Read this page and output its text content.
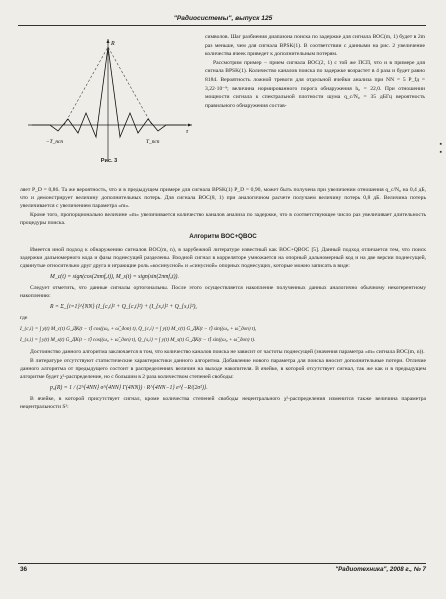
"Радиосистемы", выпуск 125
R
τ
−T_псп	T_псп
Рис. 3

символов. Шаг разбиения диапазона поиска по задержке для сигнала BOC(m, 1) будет в 2m раз меньше, чем для сигнала BPSK(1). В соответствии с данными на рис. 2 увеличение количества ячеек приведет к дополнительным потерям.

Рассмотрим пример − прием сигнала BOC(2, 1) с той же ПСП, что и в примере для сигнала BPSK(1). Количество каналов поиска по задержке возрастет в 4 раза и будет равно 8184. Вероятность ложной тревоги для отдельной ячейки анализа при NN = 5 P_fд = 3,22·10⁻⁹; величина нормированного порога обнаружения h₀ = 22,0. При отношении мощности сигнала к спектральной плотности шума q_c/N₀ = 35 дБГц вероятность правильного обнаружения состав-

ляет P_D = 0,86. Та же вероятность, что и в предыдущем примере для сигнала BPSK(1) P_D = 0,90, может быть получена при увеличении отношения q_c/N₀ на 0,4 дБ, что и демонстрирует величину дополнительных потерь. Для сигнала BOC(8, 1) при аналогичном расчете получаем величину потерь 0,8 дБ. Величина потерь увеличивается с увеличением параметра «m».

Кроме того, пропорционально величине «m» увеличивается количество каналов анализа по задержке, что в соответствующее число раз увеличивает длительность процедуры поиска.

Алгоритм BOC+QBOC

Имеется иной подход к обнаружению сигналов BOC(m, n), в зарубежной литературе известный как BOC+QBOC [5]. Данный подход отличается тем, что поиск задержки дальномерного кода и фазы поднесущей разделены. Входной сигнал в корреляторе умножается на опорный дальномерный код и на две версии поднесущей, сдвинутые относительно друг друга и играющие роль «косинусной» и «синусной» опорных поднесущих, которые можно записать в виде:

M_c(t) = sign(cos(2πmf₀t)), M_s(t) = sign(sin(2πmf₀t)).

Следует отметить, что данные сигналы ортогональны. После этого осуществляется накопление полученных данных аналогично обычному некогерентному накоплению:

R = Σ_{i=1}^{NN} (I_{c,i}² + Q_{c,i}²) + (I_{s,i}² + Q_{s,i}²),
где
I_{c,i} = ∫ y(t) M_c(t) G_ДК(t − τ̃) cos((ω₀ + ω̃_доп) t), Q_{c,i} = ∫ y(t) M_c(t) G_ДК(t − τ̃) sin((ω₀ + ω̃_доп) t),
I_{s,i} = ∫ y(t) M_s(t) G_ДК(t − τ̃) cos((ω₀ + ω̃_доп) t), Q_{s,i} = ∫ y(t) M_s(t) G_ДК(t − τ̃) sin((ω₀ + ω̃_доп) t).

Достоинство данного алгоритма заключается в том, что количество каналов поиска не зависит от частоты поднесущей (значения параметра «m» сигнала BOC(m, n)).

В литературе отсутствуют статистические характеристики данного алгоритма. Добавление нового параметра для поиска вносит дополнительные потери. Отличие данного алгоритма от предыдущего состоит в распределениях величин на выходе накопителя. В ячейке, в которой отсутствует сигнал, так же как и в предыдущем алгоритме будет χ²-распределение, но с большим в 2 раза количеством степеней свободы:

p₀(R) = 1 / (2^{4NN} σ^{4NN} Γ(4NN)) · R^{4NN−1} e^{−R/(2σ²)}.

В ячейке, в которой присутствует сигнал, кроме количества степеней свободы нецентрального χ²-распределения изменится также величина параметра нецентральности S²:

▪
▪
36	"Радиотехника", 2008 г., № 7
